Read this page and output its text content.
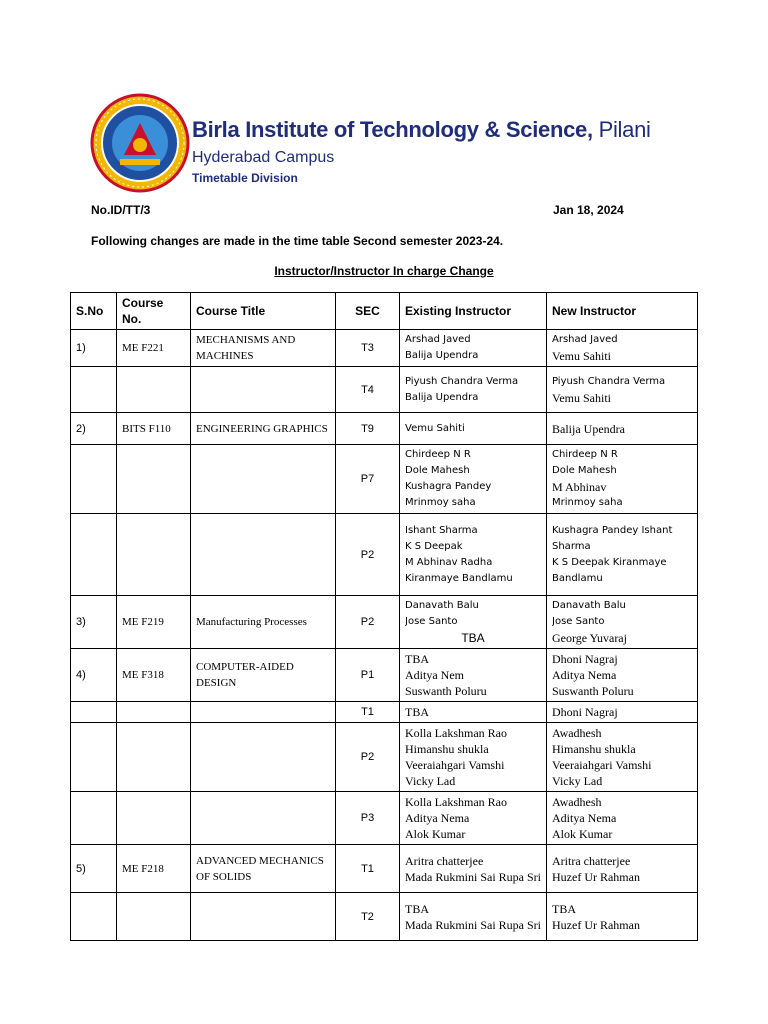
Birla Institute of Technology & Science, Pilani
Hyderabad Campus
Timetable Division
No.ID/TT/3	Jan 18, 2024
Following changes are made in the time table Second semester 2023-24.
Instructor/Instructor In charge Change
S.No	Course No.	Course Title	SEC	Existing Instructor	New Instructor
1)	ME F221	MECHANISMS AND MACHINES	T3	Arshad Javed
Balija Upendra	Arshad Javed
Vemu Sahiti

			T4	Piyush Chandra Verma
Balija Upendra	Piyush Chandra Verma
Vemu Sahiti

2)	BITS F110	ENGINEERING GRAPHICS	T9	Vemu Sahiti	Balija Upendra

			P7	Chirdeep N R
Dole Mahesh
Kushagra Pandey
Mrinmoy saha	Chirdeep N R
Dole Mahesh
M Abhinav
Mrinmoy saha

			P2	Ishant Sharma
K S Deepak
M Abhinav Radha
Kiranmaye Bandlamu	Kushagra Pandey Ishant Sharma
K S Deepak Kiranmaye Bandlamu

3)	ME F219	Manufacturing Processes	P2	Danavath Balu
Jose Santo
TBA	Danavath Balu
Jose Santo
George Yuvaraj

4)	ME F318	COMPUTER-AIDED DESIGN	P1	TBA
Aditya Nem
Suswanth Poluru	Dhoni Nagraj
Aditya Nema
Suswanth Poluru

			T1	TBA	Dhoni Nagraj

			P2	Kolla Lakshman Rao
Himanshu shukla
Veeraiahgari Vamshi
Vicky Lad	Awadhesh
Himanshu shukla
Veeraiahgari Vamshi
Vicky Lad

			P3	Kolla Lakshman Rao
Aditya Nema
Alok Kumar	Awadhesh
Aditya Nema
Alok Kumar

5)	ME F218	ADVANCED MECHANICS OF SOLIDS	T1	Aritra chatterjee
Mada Rukmini Sai Rupa Sri	Aritra chatterjee
Huzef Ur Rahman

			T2	TBA
Mada Rukmini Sai Rupa Sri	TBA
Huzef Ur Rahman
